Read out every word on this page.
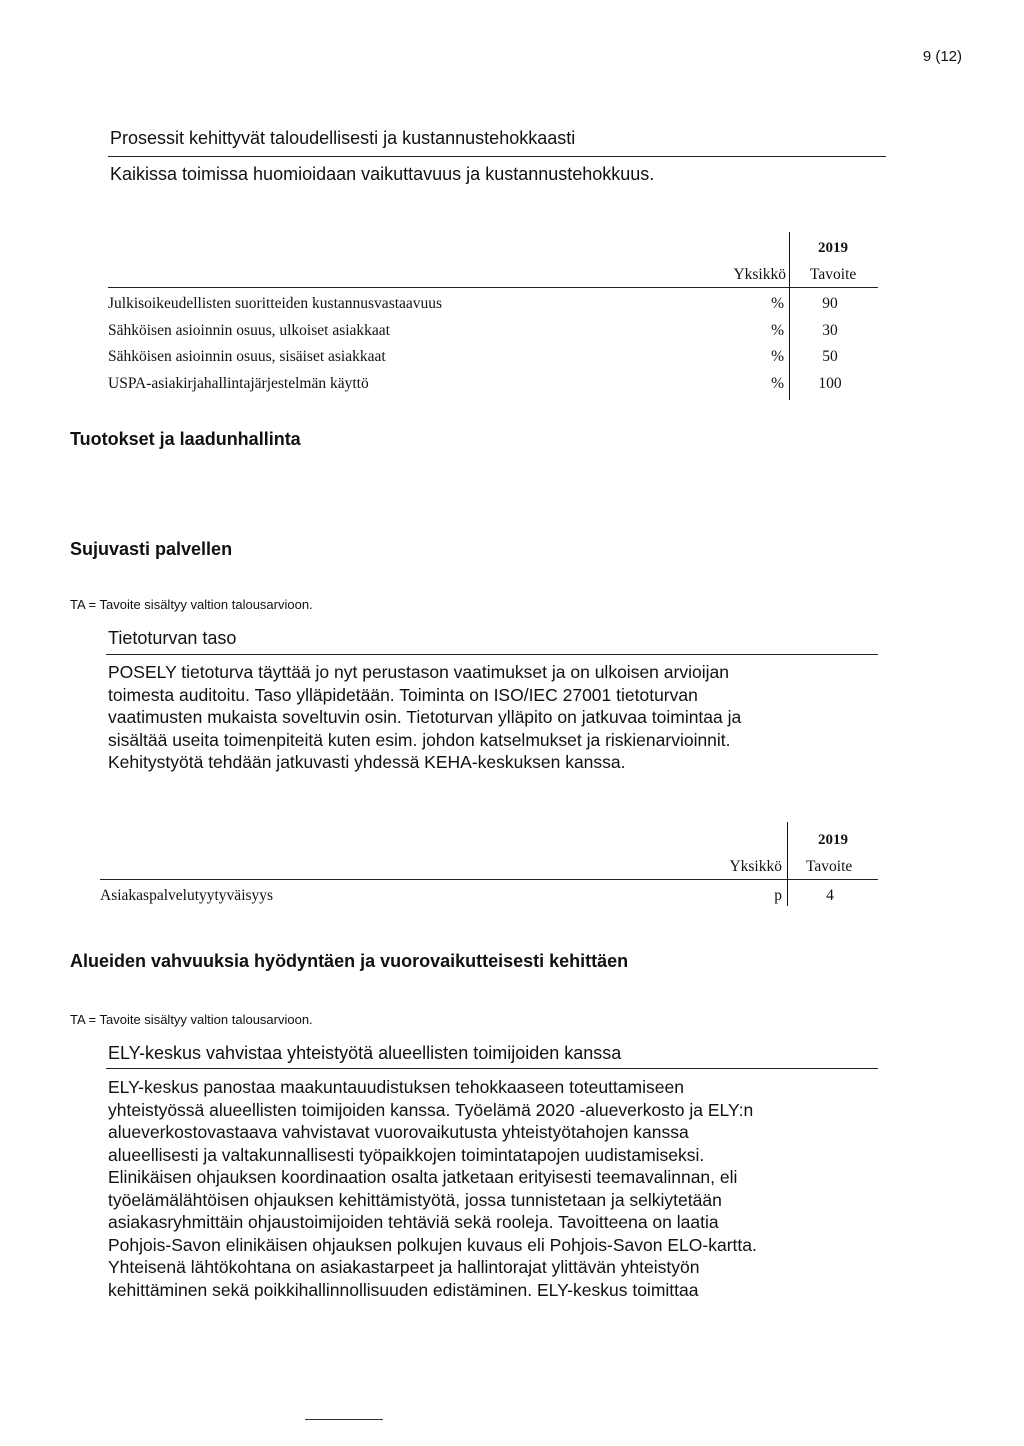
9 (12)
Prosessit kehittyvät taloudellisesti ja kustannustehokkaasti
Kaikissa toimissa huomioidaan vaikuttavuus ja kustannustehokkuus.
2019
Yksikkö Tavoite
Julkisoikeudellisten suoritteiden kustannusvastaavuus	%	90
Sähköisen asioinnin osuus, ulkoiset asiakkaat	%	30
Sähköisen asioinnin osuus, sisäiset asiakkaat	%	50
USPA-asiakirjahallintajärjestelmän käyttö	%	100
Tuotokset ja laadunhallinta
Sujuvasti palvellen
TA = Tavoite sisältyy valtion talousarvioon.
Tietoturvan taso
POSELY tietoturva täyttää jo nyt perustason vaatimukset ja on ulkoisen arvioijan
toimesta auditoitu. Taso ylläpidetään. Toiminta on ISO/IEC 27001 tietoturvan
vaatimusten mukaista soveltuvin osin. Tietoturvan ylläpito on jatkuvaa toimintaa ja
sisältää useita toimenpiteitä kuten esim. johdon katselmukset ja riskienarvioinnit.
Kehitystyötä tehdään jatkuvasti yhdessä KEHA-keskuksen kanssa.
2019
Yksikkö Tavoite
Asiakaspalvelutyytyväisyys	p	4
Alueiden vahvuuksia hyödyntäen ja vuorovaikutteisesti kehittäen
TA = Tavoite sisältyy valtion talousarvioon.
ELY-keskus vahvistaa yhteistyötä alueellisten toimijoiden kanssa
ELY-keskus panostaa maakuntauudistuksen tehokkaaseen toteuttamiseen
yhteistyössä alueellisten toimijoiden kanssa. Työelämä 2020 -alueverkosto ja ELY:n
alueverkostovastaava vahvistavat vuorovaikutusta yhteistyötahojen kanssa
alueellisesti ja valtakunnallisesti työpaikkojen toimintatapojen uudistamiseksi.
Elinikäisen ohjauksen koordinaation osalta jatketaan erityisesti teemavalinnan, eli
työelämälähtöisen ohjauksen kehittämistyötä, jossa tunnistetaan ja selkiytetään
asiakasryhmittäin ohjaustoimijoiden tehtäviä sekä rooleja. Tavoitteena on laatia
Pohjois-Savon elinikäisen ohjauksen polkujen kuvaus eli Pohjois-Savon ELO-kartta.
Yhteisenä lähtökohtana on asiakastarpeet ja hallintorajat ylittävän yhteistyön
kehittäminen sekä poikkihallinnollisuuden edistäminen. ELY-keskus toimittaa
